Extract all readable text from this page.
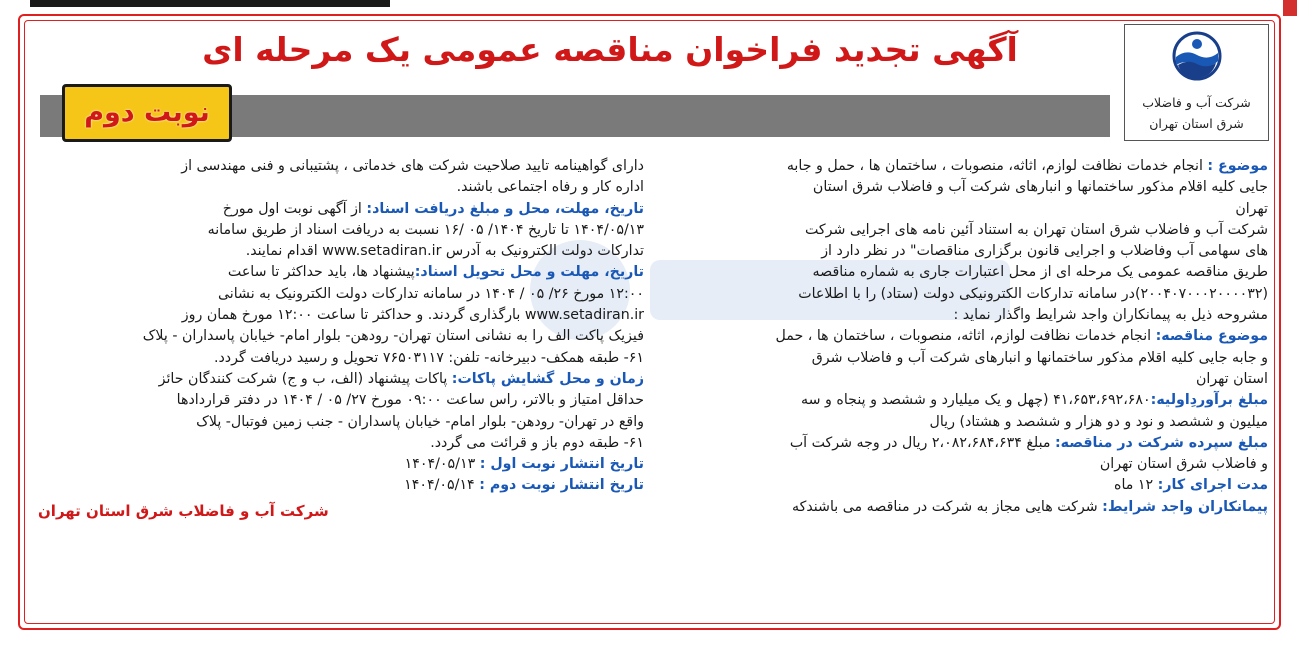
شرکت آب و فاضلاب
شرق استان تهران
آگهی تجدید فراخوان مناقصه عمومی یک مرحله ای
نوبت دوم
موضوع : انجام خدمات نظافت لوازم، اثاثه، منصوبات ، ساختمان ها ، حمل و جابه
جایی کلیه اقلام مذکور ساختمانها و انبارهای شرکت آب و فاضلاب شرق استان
تهران
شرکت آب و فاضلاب شرق استان تهران به استناد آئین نامه های اجرایی شرکت
های سهامی آب وفاضلاب و اجرایی قانون برگزاری مناقصات" در نظر دارد از
طریق مناقصه عمومی یک مرحله ای از محل اعتبارات جاری به شماره مناقصه
(۲۰۰۴۰۷۰۰۰۲۰۰۰۰۳۲)در سامانه تدارکات الکترونیکی دولت (ستاد) را با اطلاعات
مشروحه ذیل به پیمانکاران واجد شرایط واگذار نماید :
موضوع مناقصه: انجام خدمات نظافت لوازم، اثاثه، منصوبات ، ساختمان ها ، حمل
و جابه جایی کلیه اقلام مذکور ساختمانها و انبارهای شرکت آب و فاضلاب شرق
استان تهران
مبلغ برآوردِاولیه:۴۱،۶۵۳،۶۹۲،۶۸۰ (چهل و یک میلیارد و ششصد و پنجاه و سه
میلیون و ششصد و نود و دو هزار و ششصد و هشتاد) ریال
مبلغ سپرده شرکت در مناقصه: مبلغ ۲،۰۸۲،۶۸۴،۶۳۴ ریال در وجه شرکت آب
و فاضلاب شرق استان تهران
مدت اجرای کار: ۱۲ ماه
پیمانکاران واجد شرایط: شرکت هایی مجاز به شرکت در مناقصه می باشندکه
دارای گواهینامه تایید صلاحیت شرکت های خدماتی ، پشتیبانی و فنی مهندسی از
اداره کار و رفاه اجتماعی باشند.
تاریخ، مهلت، محل و مبلغ دریافت اسناد: از آگهی نوبت اول مورخ
۱۴۰۴/۰۵/۱۳ تا تاریخ ۱۴۰۴/ ۰۵ /۱۶ نسبت به دریافت اسناد از طریق سامانه
تدارکات دولت الکترونیک به آدرس www.setadiran.ir اقدام نمایند.
تاریخ، مهلت و محل تحویل اسناد:پیشنهاد ها، باید حداکثر تا ساعت
۱۲:۰۰ مورخ ۲۶/ ۰۵ / ۱۴۰۴ در سامانه تدارکات دولت الکترونیک به نشانی
www.setadiran.ir بارگذاری گردند. و حداکثر تا ساعت ۱۲:۰۰ مورخ همان روز
فیزیک پاکت الف را به نشانی استان تهران- رودهن- بلوار امام- خیابان پاسداران - پلاک
۶۱- طبقه همکف- دبیرخانه- تلفن: ۷۶۵۰۳۱۱۷ تحویل و رسید دریافت گردد.
زمان و محل گشایش پاکات: پاکات پیشنهاد (الف، ب و ج) شرکت کنندگان حائز
حداقل امتیاز و بالاتر، راس ساعت ۰۹:۰۰ مورخ ۲۷/ ۰۵ / ۱۴۰۴ در دفتر قراردادها
واقع در تهران- رودهن- بلوار امام- خیابان پاسداران - جنب زمین فوتبال- پلاک
۶۱- طبقه دوم باز و قرائت می گردد.
تاریخ انتشار نوبت اول : ۱۴۰۴/۰۵/۱۳
تاریخ انتشار نوبت دوم : ۱۴۰۴/۰۵/۱۴
شرکت آب و فاضلاب شرق استان تهران
